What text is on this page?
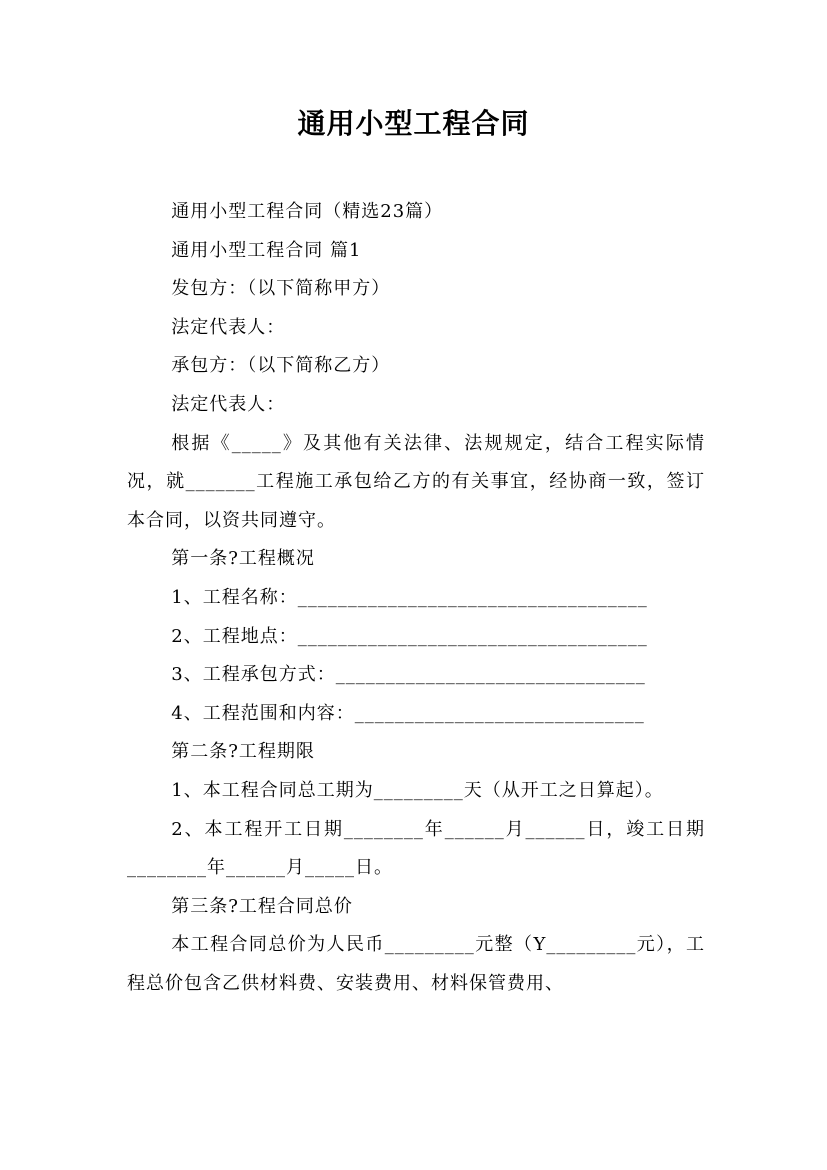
通用小型工程合同

通用小型工程合同（精选23篇）

通用小型工程合同 篇1

发包方：（以下简称甲方）

法定代表人：

承包方：（以下简称乙方）

法定代表人：

根据《_____》及其他有关法律、法规规定，结合工程实际情况，就_______工程施工承包给乙方的有关事宜，经协商一致，签订本合同，以资共同遵守。

第一条?工程概况

1、工程名称：___________________________________

2、工程地点：___________________________________

3、工程承包方式：_______________________________

4、工程范围和内容：_____________________________

第二条?工程期限

1、本工程合同总工期为_________天（从开工之日算起）。

2、本工程开工日期________年______月______日，竣工日期________年______月_____日。

第三条?工程合同总价

本工程合同总价为人民币_________元整（Y_________元），工程总价包含乙供材料费、安装费用、材料保管费用、
